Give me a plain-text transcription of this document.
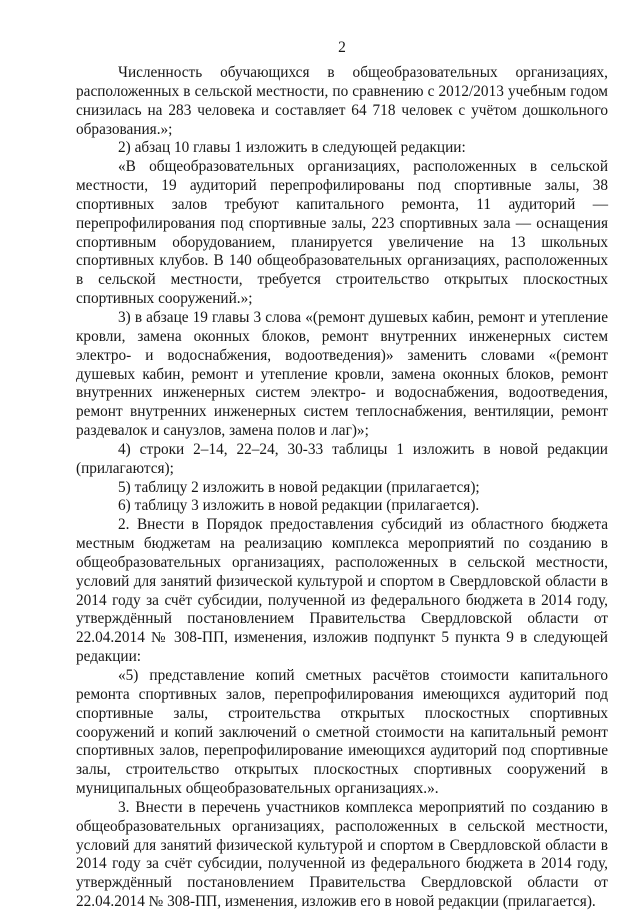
2

Численность обучающихся в общеобразовательных организациях, расположенных в сельской местности, по сравнению с 2012/2013 учебным годом снизилась на 283 человека и составляет 64 718 человек с учётом дошкольного образования.»;

2) абзац 10 главы 1 изложить в следующей редакции:

«В общеобразовательных организациях, расположенных в сельской местности, 19 аудиторий перепрофилированы под спортивные залы, 38 спортивных залов требуют капитального ремонта, 11 аудиторий — перепрофилирования под спортивные залы, 223 спортивных зала — оснащения спортивным оборудованием, планируется увеличение на 13 школьных спортивных клубов. В 140 общеобразовательных организациях, расположенных в сельской местности, требуется строительство открытых плоскостных спортивных сооружений.»;

3) в абзаце 19 главы 3 слова «(ремонт душевых кабин, ремонт и утепление кровли, замена оконных блоков, ремонт внутренних инженерных систем электро- и водоснабжения, водоотведения)» заменить словами «(ремонт душевых кабин, ремонт и утепление кровли, замена оконных блоков, ремонт внутренних инженерных систем электро- и водоснабжения, водоотведения, ремонт внутренних инженерных систем теплоснабжения, вентиляции, ремонт раздевалок и санузлов, замена полов и лаг)»;

4) строки 2–14, 22–24, 30-33 таблицы 1 изложить в новой редакции (прилагаются);

5) таблицу 2 изложить в новой редакции (прилагается);

6) таблицу 3 изложить в новой редакции (прилагается).

2. Внести в Порядок предоставления субсидий из областного бюджета местным бюджетам на реализацию комплекса мероприятий по созданию в общеобразовательных организациях, расположенных в сельской местности, условий для занятий физической культурой и спортом в Свердловской области в 2014 году за счёт субсидии, полученной из федерального бюджета в 2014 году, утверждённый постановлением Правительства Свердловской области от 22.04.2014 № 308-ПП, изменения, изложив подпункт 5 пункта 9 в следующей редакции:

«5) представление копий сметных расчётов стоимости капитального ремонта спортивных залов, перепрофилирования имеющихся аудиторий под спортивные залы, строительства открытых плоскостных спортивных сооружений и копий заключений о сметной стоимости на капитальный ремонт спортивных залов, перепрофилирование имеющихся аудиторий под спортивные залы, строительство открытых плоскостных спортивных сооружений в муниципальных общеобразовательных организациях.».

3. Внести в перечень участников комплекса мероприятий по созданию в общеобразовательных организациях, расположенных в сельской местности, условий для занятий физической культурой и спортом в Свердловской области в 2014 году за счёт субсидии, полученной из федерального бюджета в 2014 году, утверждённый постановлением Правительства Свердловской области от 22.04.2014 № 308-ПП, изменения, изложив его в новой редакции (прилагается).
